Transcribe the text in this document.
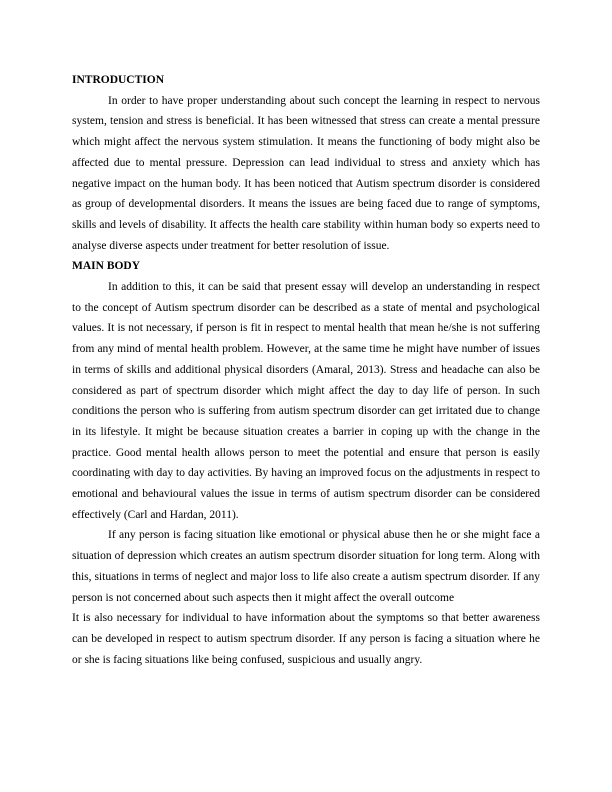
INTRODUCTION

In order to have proper understanding about such concept the learning in respect to nervous system, tension and stress is beneficial. It has been witnessed that stress can create a mental pressure which might affect the nervous system stimulation. It means the functioning of body might also be affected due to mental pressure. Depression can lead individual to stress and anxiety which has negative impact on the human body. It has been noticed that Autism spectrum disorder is considered as group of developmental disorders. It means the issues are being faced due to range of symptoms, skills and levels of disability. It affects the health care stability within human body so experts need to analyse diverse aspects under treatment for better resolution of issue.

MAIN BODY

In addition to this, it can be said that present essay will develop an understanding in respect to the concept of Autism spectrum disorder can be described as a state of mental and psychological values. It is not necessary, if person is fit in respect to mental health that mean he/she is not suffering from any mind of mental health problem. However, at the same time he might have number of issues in terms of skills and additional physical disorders (Amaral, 2013). Stress and headache can also be considered as part of spectrum disorder which might affect the day to day life of person. In such conditions the person who is suffering from autism spectrum disorder can get irritated due to change in its lifestyle. It might be because situation creates a barrier in coping up with the change in the practice. Good mental health allows person to meet the potential and ensure that person is easily coordinating with day to day activities. By having an improved focus on the adjustments in respect to emotional and behavioural values the issue in terms of autism spectrum disorder can be considered effectively (Carl and Hardan, 2011).

If any person is facing situation like emotional or physical abuse then he or she might face a situation of depression which creates an autism spectrum disorder situation for long term. Along with this, situations in terms of neglect and major loss to life also create a autism spectrum disorder. If any person is not concerned about such aspects then it might affect the overall outcome

It is also necessary for individual to have information about the symptoms so that better awareness can be developed in respect to autism spectrum disorder. If any person is facing a situation where he or she is facing situations like being confused, suspicious and usually angry.
